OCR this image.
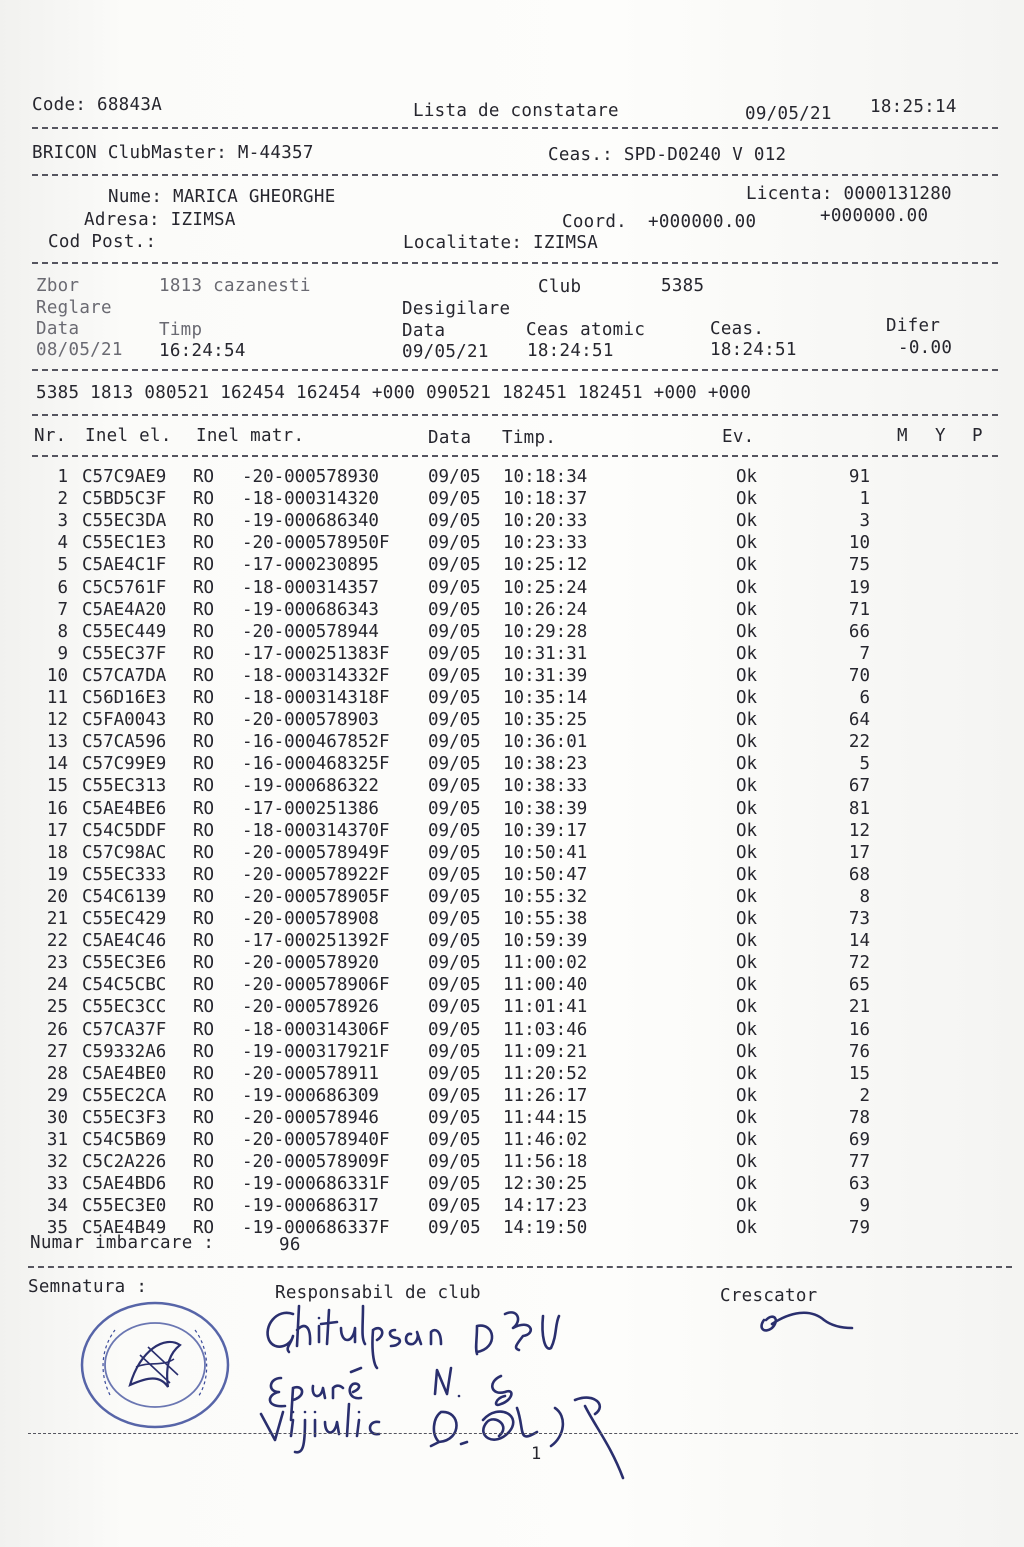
Code: 68843A	Lista de constatare	09/05/21 18:25:14
BRICON ClubMaster: M-44357	Ceas.: SPD-D0240 V 012
Nume: MARICA GHEORGHE	Licenta: 0000131280
Adresa: IZIMSA	Coord. +000000.00	+000000.00
Cod Post.:	Localitate: IZIMSA
Zbor	1813 cazanesti	Club	5385
Reglare	Desigilare
Data	Timp	Data	Ceas atomic	Ceas.	Difer
08/05/21 16:24:54	09/05/21 18:24:51	18:24:51	-0.00
5385 1813 080521 162454 162454 +000 090521 182451 182451 +000 +000
Nr. Inel el. Inel matr.	Data Timp.	Ev.	M Y P
1 C57C9AE9 RO -20-000578930	09/05 10:18:34	Ok	91
2 C5BD5C3F RO -18-000314320	09/05 10:18:37	Ok	1
3 C55EC3DA RO -19-000686340	09/05 10:20:33	Ok	3
4 C55EC1E3 RO -20-000578950F 09/05 10:23:33	Ok	10
5 C5AE4C1F RO -17-000230895	09/05 10:25:12	Ok	75
6 C5C5761F RO -18-000314357	09/05 10:25:24	Ok	19
7 C5AE4A20 RO -19-000686343	09/05 10:26:24	Ok	71
8 C55EC449 RO -20-000578944	09/05 10:29:28	Ok	66
9 C55EC37F RO -17-000251383F 09/05 10:31:31	Ok	7
10 C57CA7DA RO -18-000314332F 09/05 10:31:39	Ok	70
11 C56D16E3 RO -18-000314318F 09/05 10:35:14	Ok	6
12 C5FA0043 RO -20-000578903	09/05 10:35:25	Ok	64
13 C57CA596 RO -16-000467852F 09/05 10:36:01	Ok	22
14 C57C99E9 RO -16-000468325F 09/05 10:38:23	Ok	5
15 C55EC313 RO -19-000686322	09/05 10:38:33	Ok	67
16 C5AE4BE6 RO -17-000251386	09/05 10:38:39	Ok	81
17 C54C5DDF RO -18-000314370F 09/05 10:39:17	Ok	12
18 C57C98AC RO -20-000578949F 09/05 10:50:41	Ok	17
19 C55EC333 RO -20-000578922F 09/05 10:50:47	Ok	68
20 C54C6139 RO -20-000578905F 09/05 10:55:32	Ok	8
21 C55EC429 RO -20-000578908	09/05 10:55:38	Ok	73
22 C5AE4C46 RO -17-000251392F 09/05 10:59:39	Ok	14
23 C55EC3E6 RO -20-000578920	09/05 11:00:02	Ok	72
24 C54C5CBC RO -20-000578906F 09/05 11:00:40	Ok	65
25 C55EC3CC RO -20-000578926	09/05 11:01:41	Ok	21
26 C57CA37F RO -18-000314306F 09/05 11:03:46	Ok	16
27 C59332A6 RO -19-000317921F 09/05 11:09:21	Ok	76
28 C5AE4BE0 RO -20-000578911	09/05 11:20:52	Ok	15
29 C55EC2CA RO -19-000686309	09/05 11:26:17	Ok	2
30 C55EC3F3 RO -20-000578946	09/05 11:44:15	Ok	78
31 C54C5B69 RO -20-000578940F 09/05 11:46:02	Ok	69
32 C5C2A226 RO -20-000578909F 09/05 11:56:18	Ok	77
33 C5AE4BD6 RO -19-000686331F 09/05 12:30:25	Ok	63
34 C55EC3E0 RO -19-000686317	09/05 14:17:23	Ok	9
35 C5AE4B49 RO -19-000686337F 09/05 14:19:50	Ok	79
Numar imbarcare :	96
Semnatura :	Responsabil de club	Crescator
1
